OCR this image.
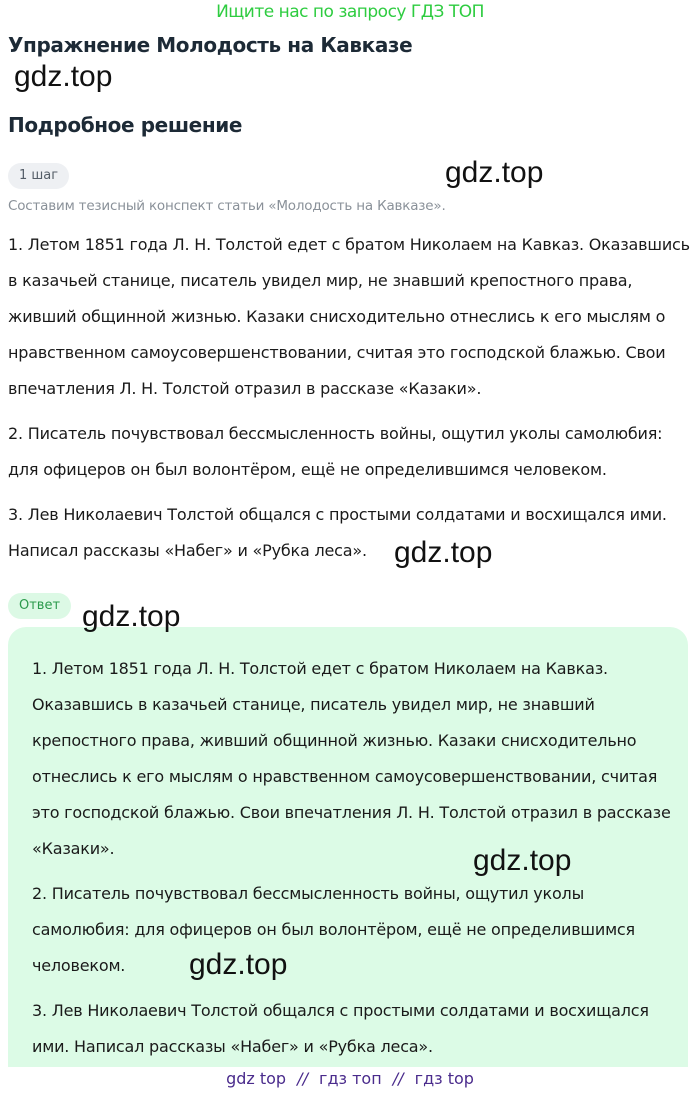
Ищите нас по запросу ГДЗ ТОП
Упражнение Молодость на Кавказе
gdz.top
Подробное решение
1 шаг	gdz.top
Составим тезисный конспект статьи «Молодость на Кавказе».

1. Летом 1851 года Л. Н. Толстой едет с братом Николаем на Кавказ. Оказавшись в казачьей станице, писатель увидел мир, не знавший крепостного права, живший общинной жизнью. Казаки снисходительно отнеслись к его мыслям о нравственном самоусовершенствовании, считая это господской блажью. Свои впечатления Л. Н. Толстой отразил в рассказе «Казаки».

2. Писатель почувствовал бессмысленность войны, ощутил уколы самолюбия: для офицеров он был волонтёром, ещё не определившимся человеком.

3. Лев Николаевич Толстой общался с простыми солдатами и восхищался ими. Написал рассказы «Набег» и «Рубка леса». gdz.top
Ответ gdz.top

1. Летом 1851 года Л. Н. Толстой едет с братом Николаем на Кавказ. Оказавшись в казачьей станице, писатель увидел мир, не знавший крепостного права, живший общинной жизнью. Казаки снисходительно отнеслись к его мыслям о нравственном самоусовершенствовании, считая это господской блажью. Свои впечатления Л. Н. Толстой отразил в рассказе «Казаки».

2. Писатель почувствовал бессмысленность войны, ощутил уколы самолюбия: для офицеров он был волонтёром, ещё не определившимся человеком.

3. Лев Николаевич Толстой общался с простыми солдатами и восхищался ими. Написал рассказы «Набег» и «Рубка леса».

gdz.top
gdz.top
gdz top // гдз топ // гдз top
